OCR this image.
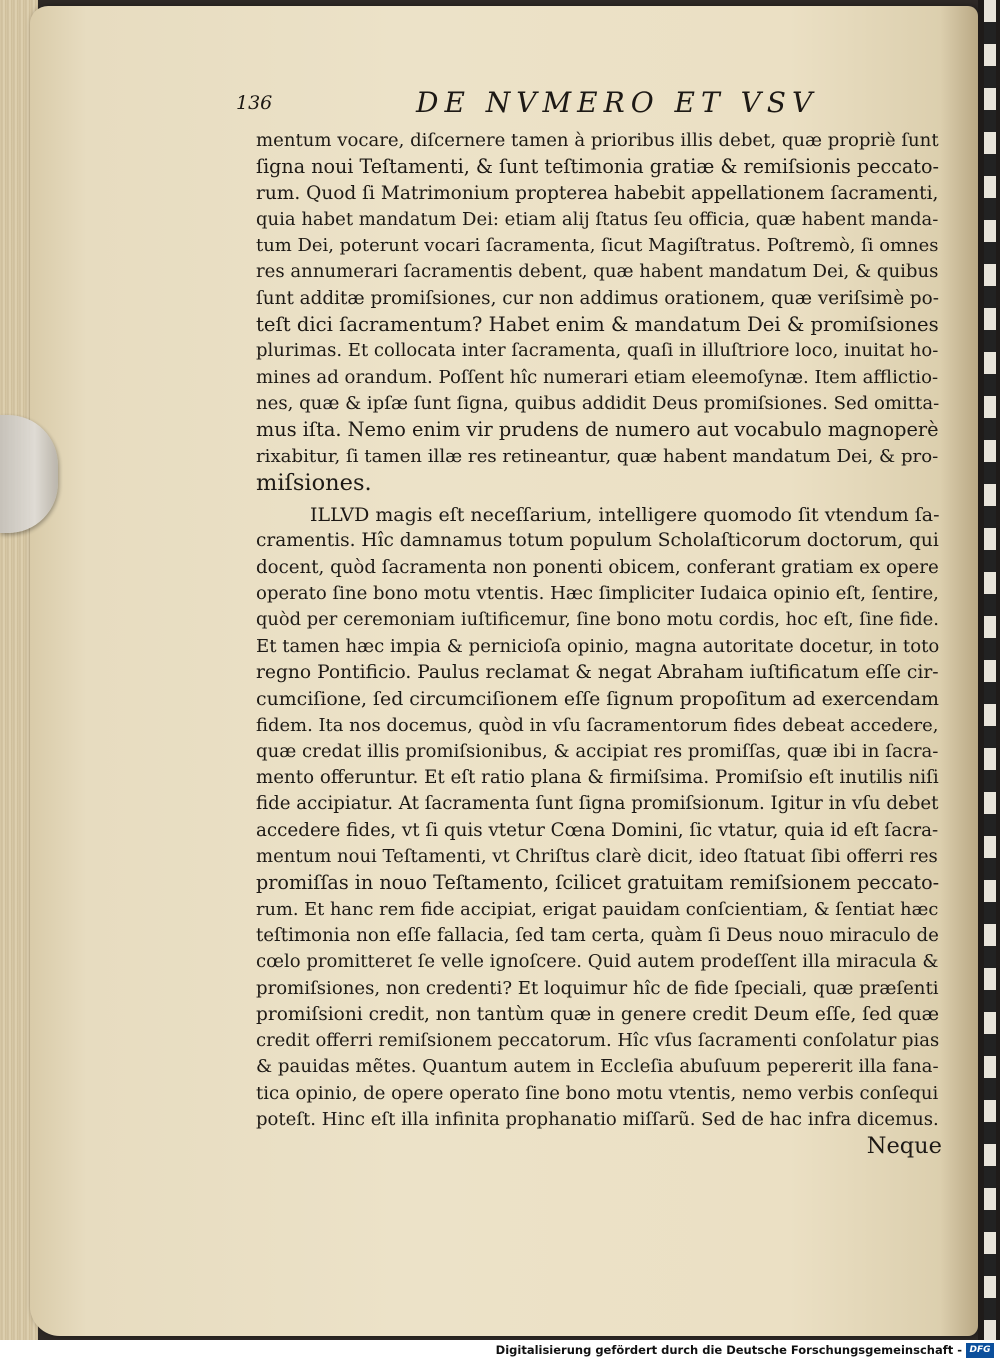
136	DE NVMERO ET VSV
mentum vocare, diſcernere tamen à prioribus illis debet, quæ propriè ſunt
ſigna noui Teſtamenti, & ſunt teſtimonia gratiæ & remiſsionis peccato-
rum. Quod ſi Matrimonium propterea habebit appellationem ſacramenti,
quia habet mandatum Dei: etiam alij ſtatus ſeu officia, quæ habent manda-
tum Dei, poterunt vocari ſacramenta, ſicut Magiſtratus. Poſtremò, ſi omnes
res annumerari ſacramentis debent, quæ habent mandatum Dei, & quibus
ſunt additæ promiſsiones, cur non addimus orationem, quæ veriſsimè po-
teſt dici ſacramentum? Habet enim & mandatum Dei & promiſsiones
plurimas. Et collocata inter ſacramenta, quaſi in illuſtriore loco, inuitat ho-
mines ad orandum. Poſſent hîc numerari etiam eleemoſynæ. Item afflictio-
nes, quæ & ipſæ ſunt ſigna, quibus addidit Deus promiſsiones. Sed omitta-
mus iſta. Nemo enim vir prudens de numero aut vocabulo magnoperè
rixabitur, ſi tamen illæ res retineantur, quæ habent mandatum Dei, & pro-
miſsiones.
ILLVD magis eſt neceſſarium, intelligere quomodo ſit vtendum ſa-
cramentis. Hîc damnamus totum populum Scholaſticorum doctorum, qui
docent, quòd ſacramenta non ponenti obicem, conferant gratiam ex opere
operato ſine bono motu vtentis. Hæc ſimpliciter Iudaica opinio eſt, ſentire,
quòd per ceremoniam iuſtificemur, ſine bono motu cordis, hoc eſt, ſine fide.
Et tamen hæc impia & pernicioſa opinio, magna autoritate docetur, in toto
regno Pontificio. Paulus reclamat & negat Abraham iuſtificatum eſſe cir-
cumciſione, ſed circumciſionem eſſe ſignum propoſitum ad exercendam
fidem. Ita nos docemus, quòd in vſu ſacramentorum fides debeat accedere,
quæ credat illis promiſsionibus, & accipiat res promiſſas, quæ ibi in ſacra-
mento offeruntur. Et eſt ratio plana & firmiſsima. Promiſsio eſt inutilis niſi
fide accipiatur. At ſacramenta ſunt ſigna promiſsionum. Igitur in vſu debet
accedere fides, vt ſi quis vtetur Cœna Domini, ſic vtatur, quia id eſt ſacra-
mentum noui Teſtamenti, vt Chriſtus clarè dicit, ideo ſtatuat ſibi offerri res
promiſſas in nouo Teſtamento, ſcilicet gratuitam remiſsionem peccato-
rum. Et hanc rem fide accipiat, erigat pauidam conſcientiam, & ſentiat hæc
teſtimonia non eſſe fallacia, ſed tam certa, quàm ſi Deus nouo miraculo de
cœlo promitteret ſe velle ignoſcere. Quid autem prodeſſent illa miracula &
promiſsiones, non credenti? Et loquimur hîc de fide ſpeciali, quæ præſenti
promiſsioni credit, non tantùm quæ in genere credit Deum eſſe, ſed quæ
credit offerri remiſsionem peccatorum. Hîc vſus ſacramenti conſolatur pias
& pauidas mẽtes. Quantum autem in Eccleſia abuſuum pepererit illa fana-
tica opinio, de opere operato ſine bono motu vtentis, nemo verbis conſequi
poteſt. Hinc eſt illa infinita prophanatio miſſarũ. Sed de hac infra dicemus.
Neque
Digitalisierung gefördert durch die Deutsche Forschungsgemeinschaft - DFG
